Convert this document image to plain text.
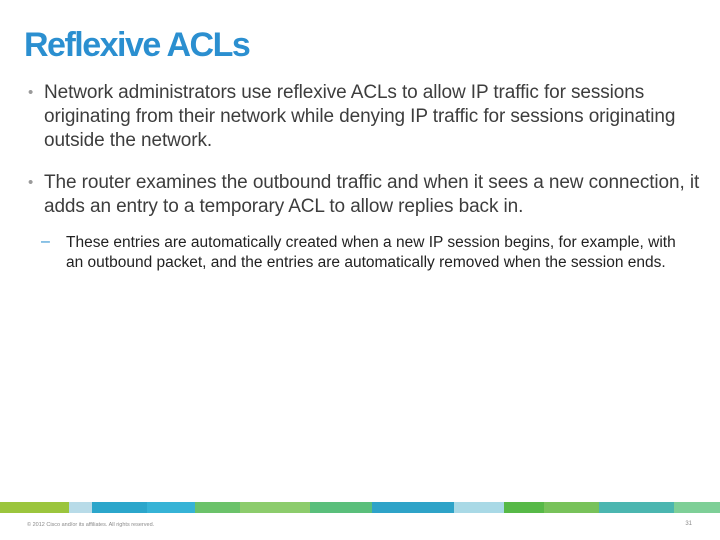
Reflexive ACLs
• Network administrators use reflexive ACLs to allow IP traffic for sessions originating from their network while denying IP traffic for sessions originating outside the network.
• The router examines the outbound traffic and when it sees a new connection, it adds an entry to a temporary ACL to allow replies back in.
– These entries are automatically created when a new IP session begins, for example, with an outbound packet, and the entries are automatically removed when the session ends.
© 2012 Cisco and/or its affiliates. All rights reserved.	31
